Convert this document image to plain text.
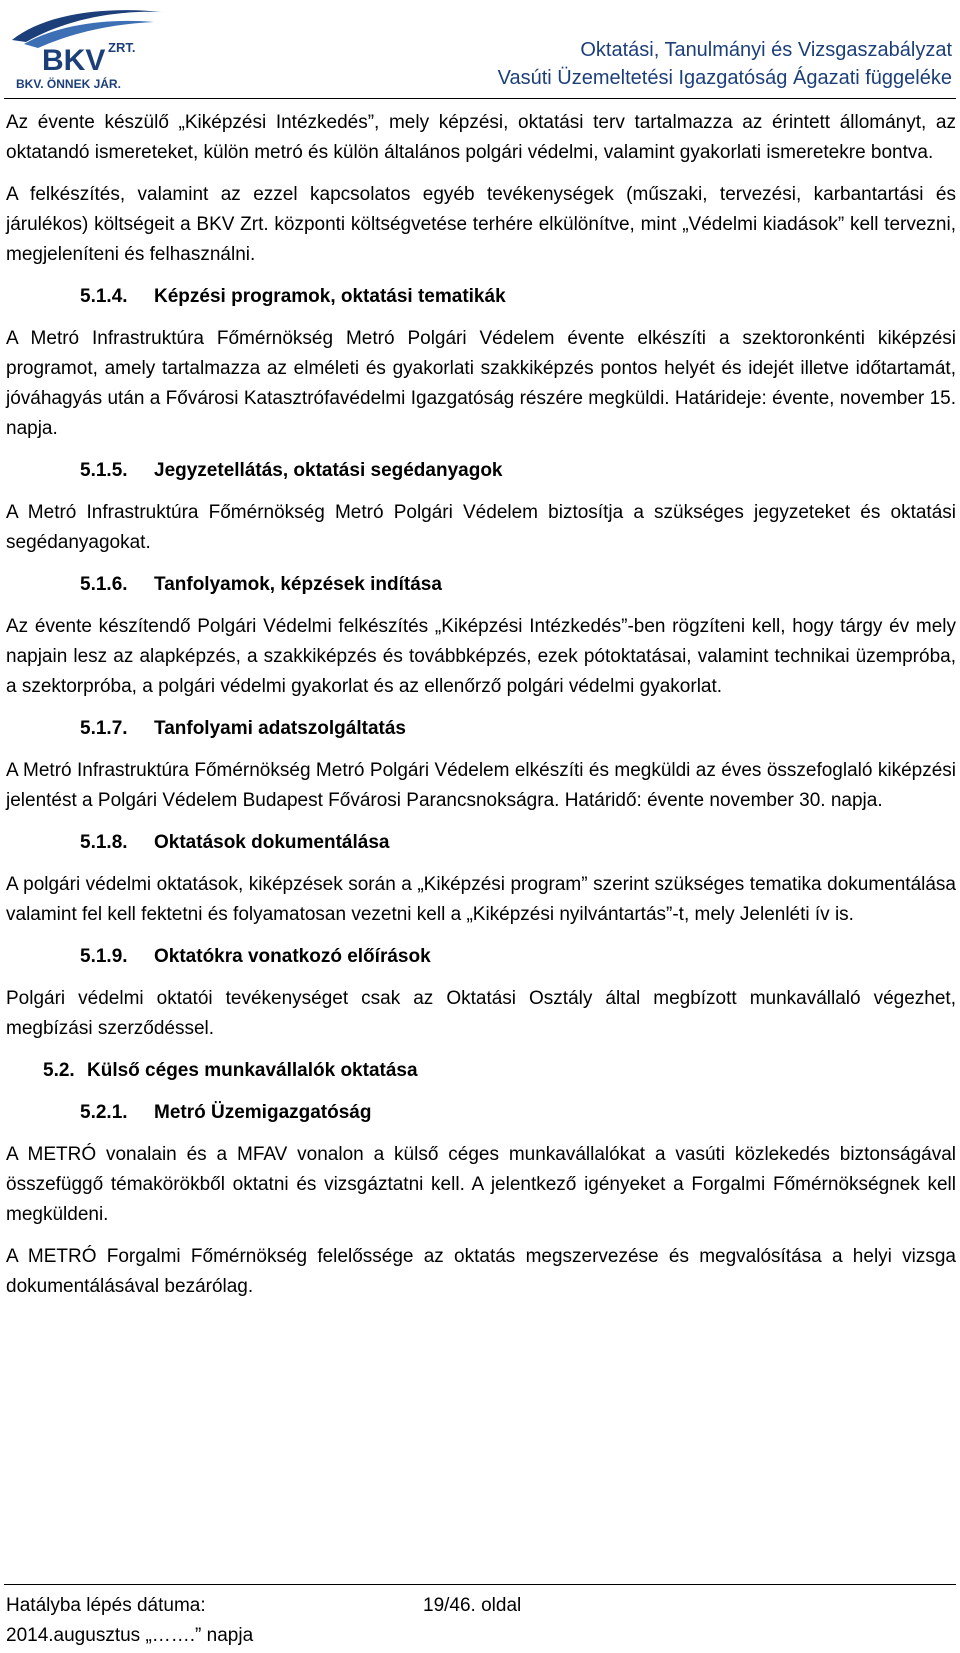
BKV ZRT.
BKV. ÖNNEK JÁR.
Oktatási, Tanulmányi és Vizsgaszabályzat
Vasúti Üzemeltetési Igazgatóság Ágazati függeléke

Az évente készülő „Kiképzési Intézkedés”, mely képzési, oktatási terv tartalmazza az érintett állományt, az oktatandó ismereteket, külön metró és külön általános polgári védelmi, valamint gyakorlati ismeretekre bontva.

A felkészítés, valamint az ezzel kapcsolatos egyéb tevékenységek (műszaki, tervezési, karbantartási és járulékos) költségeit a BKV Zrt. központi költségvetése terhére elkülönítve, mint „Védelmi kiadások” kell tervezni, megjeleníteni és felhasználni.

5.1.4. Képzési programok, oktatási tematikák

A Metró Infrastruktúra Főmérnökség Metró Polgári Védelem évente elkészíti a szektoronkénti kiképzési programot, amely tartalmazza az elméleti és gyakorlati szakkiképzés pontos helyét és idejét illetve időtartamát, jóváhagyás után a Fővárosi Katasztrófavédelmi Igazgatóság részére megküldi. Határideje: évente, november 15. napja.

5.1.5. Jegyzetellátás, oktatási segédanyagok

A Metró Infrastruktúra Főmérnökség Metró Polgári Védelem biztosítja a szükséges jegyzeteket és oktatási segédanyagokat.

5.1.6. Tanfolyamok, képzések indítása

Az évente készítendő Polgári Védelmi felkészítés „Kiképzési Intézkedés”-ben rögzíteni kell, hogy tárgy év mely napjain lesz az alapképzés, a szakkiképzés és továbbképzés, ezek pótoktatásai, valamint technikai üzempróba, a szektorpróba, a polgári védelmi gyakorlat és az ellenőrző polgári védelmi gyakorlat.

5.1.7. Tanfolyami adatszolgáltatás

A Metró Infrastruktúra Főmérnökség Metró Polgári Védelem elkészíti és megküldi az éves összefoglaló kiképzési jelentést a Polgári Védelem Budapest Fővárosi Parancsnokságra. Határidő: évente november 30. napja.

5.1.8. Oktatások dokumentálása

A polgári védelmi oktatások, kiképzések során a „Kiképzési program” szerint szükséges tematika dokumentálása valamint fel kell fektetni és folyamatosan vezetni kell a „Kiképzési nyilvántartás”-t, mely Jelenléti ív is.

5.1.9. Oktatókra vonatkozó előírások

Polgári védelmi oktatói tevékenységet csak az Oktatási Osztály által megbízott munkavállaló végezhet, megbízási szerződéssel.

5.2. Külső céges munkavállalók oktatása
5.2.1. Metró Üzemigazgatóság

A METRÓ vonalain és a MFAV vonalon a külső céges munkavállalókat a vasúti közlekedés biztonságával összefüggő témakörökből oktatni és vizsgáztatni kell. A jelentkező igényeket a Forgalmi Főmérnökségnek kell megküldeni.

A METRÓ Forgalmi Főmérnökség felelőssége az oktatás megszervezése és megvalósítása a helyi vizsga dokumentálásával bezárólag.

Hatályba lépés dátuma:
2014.augusztus „…….” napja
19/46. oldal
